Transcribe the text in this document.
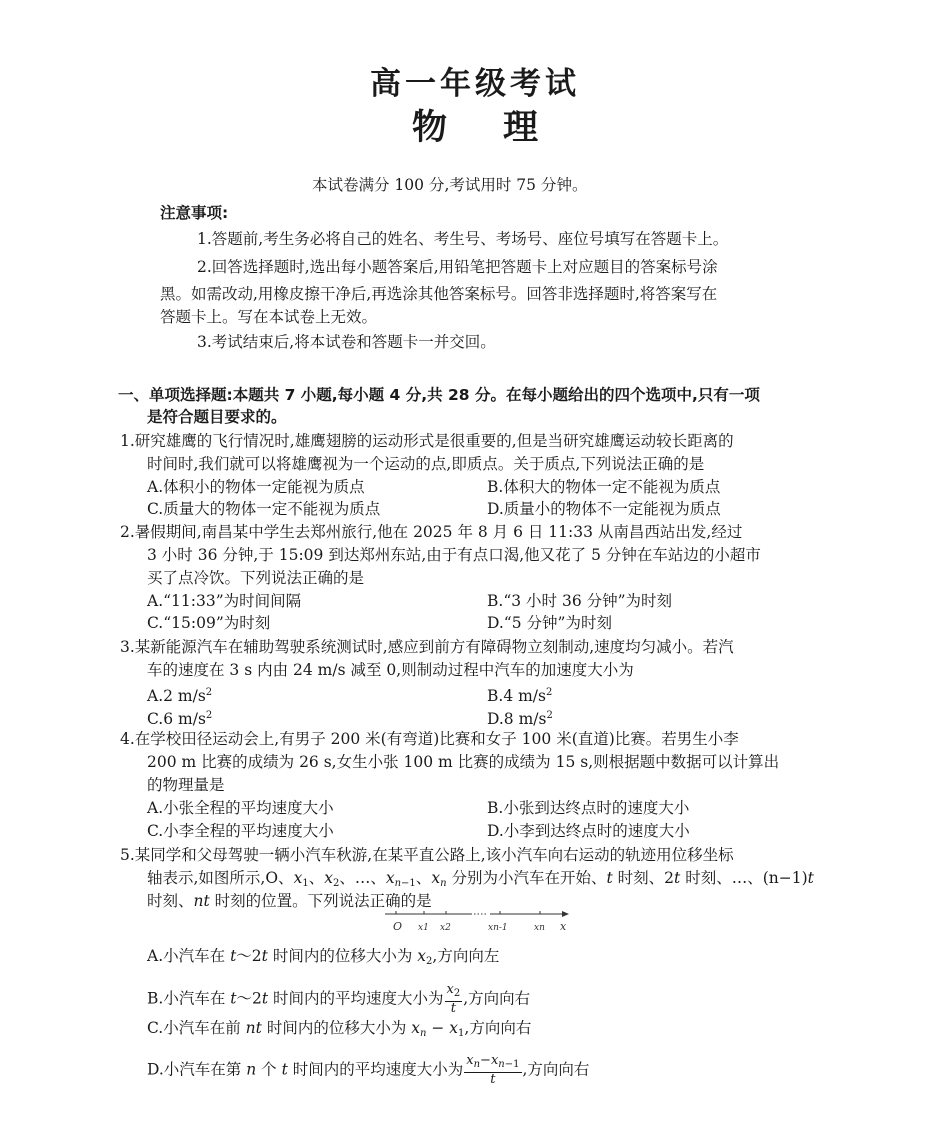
高一年级考试
物 理
本试卷满分 100 分,考试用时 75 分钟。
注意事项:
1.答题前,考生务必将自己的姓名、考生号、考场号、座位号填写在答题卡上。
2.回答选择题时,选出每小题答案后,用铅笔把答题卡上对应题目的答案标号涂
黑。如需改动,用橡皮擦干净后,再选涂其他答案标号。回答非选择题时,将答案写在
答题卡上。写在本试卷上无效。
3.考试结束后,将本试卷和答题卡一并交回。
一、单项选择题:本题共 7 小题,每小题 4 分,共 28 分。在每小题给出的四个选项中,只有一项
是符合题目要求的。
1.研究雄鹰的飞行情况时,雄鹰翅膀的运动形式是很重要的,但是当研究雄鹰运动较长距离的
时间时,我们就可以将雄鹰视为一个运动的点,即质点。关于质点,下列说法正确的是
A.体积小的物体一定能视为质点	B.体积大的物体一定不能视为质点
C.质量大的物体一定不能视为质点	D.质量小的物体不一定能视为质点
2.暑假期间,南昌某中学生去郑州旅行,他在 2025 年 8 月 6 日 11:33 从南昌西站出发,经过
3 小时 36 分钟,于 15:09 到达郑州东站,由于有点口渴,他又花了 5 分钟在车站边的小超市
买了点冷饮。下列说法正确的是
A.“11:33”为时间间隔	B.“3 小时 36 分钟”为时刻
C.“15:09”为时刻	D.“5 分钟”为时刻
3.某新能源汽车在辅助驾驶系统测试时,感应到前方有障碍物立刻制动,速度均匀减小。若汽
车的速度在 3 s 内由 24 m/s 减至 0,则制动过程中汽车的加速度大小为
A.2 $m/s^2$	B.4 $m/s^2$
C.6 $m/s^2$	D.8 $m/s^2$
4.在学校田径运动会上,有男子 200 米(有弯道)比赛和女子 100 米(直道)比赛。若男生小李
200 m 比赛的成绩为 26 s,女生小张 100 m 比赛的成绩为 15 s,则根据题中数据可以计算出
的物理量是
A.小张全程的平均速度大小	B.小张到达终点时的速度大小
C.小李全程的平均速度大小	D.小李到达终点时的速度大小
5.某同学和父母驾驶一辆小汽车秋游,在某平直公路上,该小汽车向右运动的轨迹用位移坐标
轴表示,如图所示,O、$x_1$、$x_2$、…、$x_{n-1}$、$x_n$ 分别为小汽车在开始、t 时刻、2t 时刻、…、(n−1)t
时刻、nt 时刻的位置。下列说法正确的是
O x1 x2	xn-1	xn x
A.小汽车在 t～2t 时间内的位移大小为 $x_2$,方向向左
B.小汽车在 t～2t 时间内的平均速度大小为 $\frac{x_2}{t}$ ,方向向右
C.小汽车在前 nt 时间内的位移大小为 $x_n - x_1$,方向向右
D.小汽车在第 n 个 t 时间内的平均速度大小为 $\frac{x_n-x_{n-1}}{t}$ ,方向向右
